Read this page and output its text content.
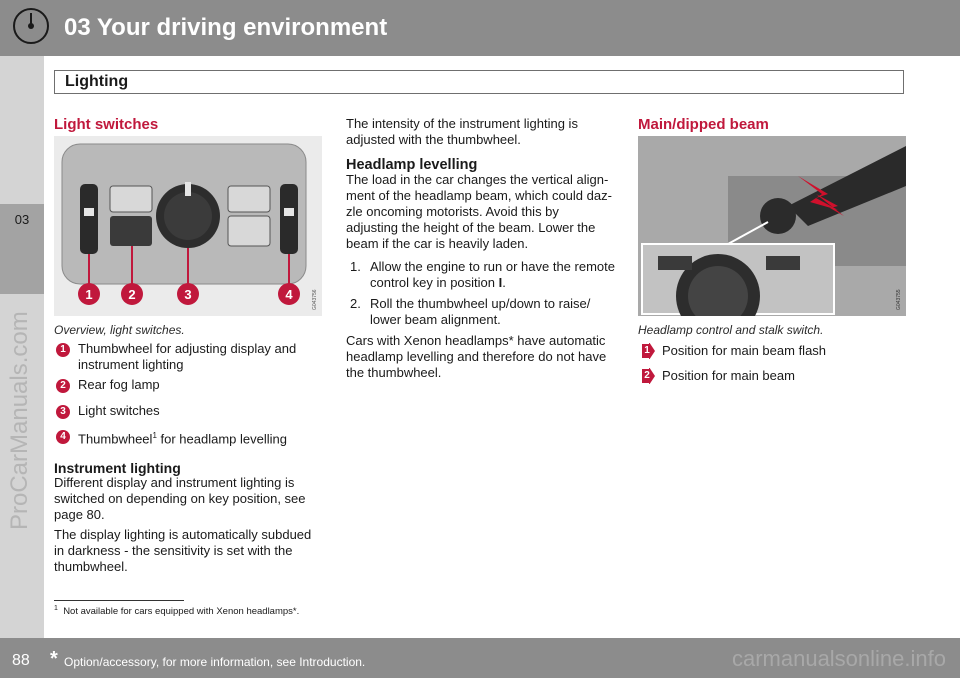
03 Your driving environment
03
ProCarManuals.com
Lighting
Light switches
1	2	3	4	G043756
Overview, light switches.
1 Thumbwheel for adjusting display and instrument lighting
2 Rear fog lamp
3 Light switches
4 Thumbwheel$^1$ for headlamp levelling
Instrument lighting
Different display and instrument lighting is switched on depending on key position, see page 80.
The display lighting is automatically subdued in darkness - the sensitivity is set with the thumbwheel.
The intensity of the instrument lighting is adjusted with the thumbwheel.
Headlamp levelling
The load in the car changes the vertical align-ment of the headlamp beam, which could daz-zle oncoming motorists. Avoid this by adjusting the height of the beam. Lower the beam if the car is heavily laden.
1. Allow the engine to run or have the remote control key in position I.
2. Roll the thumbwheel up/down to raise/ lower beam alignment.
Cars with Xenon headlamps* have automatic headlamp levelling and therefore do not have the thumbwheel.
Main/dipped beam
G043755
Headlamp control and stalk switch.
1 Position for main beam flash
2 Position for main beam
$^1$ Not available for cars equipped with Xenon headlamps*.
88 * Option/accessory, for more information, see Introduction.	carmanualsonline.info
